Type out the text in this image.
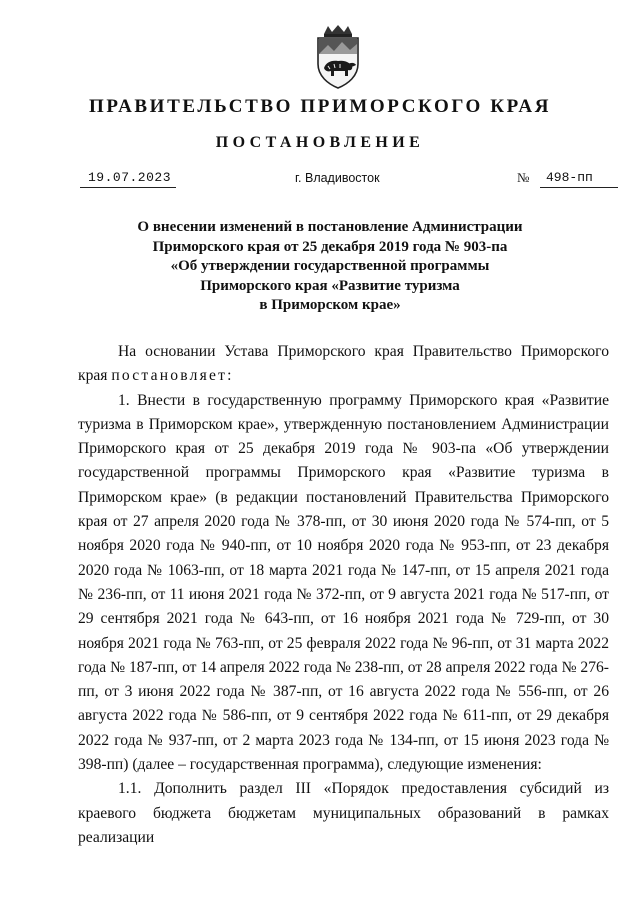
ПРАВИТЕЛЬСТВО ПРИМОРСКОГО КРАЯ
ПОСТАНОВЛЕНИЕ
19.07.2023	г. Владивосток	№ 498-пп
О внесении изменений в постановление Администрации
Приморского края от 25 декабря 2019 года № 903-па
«Об утверждении государственной программы
Приморского края «Развитие туризма
в Приморском крае»

На основании Устава Приморского края Правительство Приморского края постановляет:

1. Внести в государственную программу Приморского края «Развитие туризма в Приморском крае», утвержденную постановлением Администрации Приморского края от 25 декабря 2019 года № 903-па «Об утверждении государственной программы Приморского края «Развитие туризма в Приморском крае» (в редакции постановлений Правительства Приморского края от 27 апреля 2020 года № 378-пп, от 30 июня 2020 года № 574-пп, от 5 ноября 2020 года № 940-пп, от 10 ноября 2020 года № 953-пп, от 23 декабря 2020 года № 1063-пп, от 18 марта 2021 года № 147-пп, от 15 апреля 2021 года № 236-пп, от 11 июня 2021 года № 372-пп, от 9 августа 2021 года № 517-пп, от 29 сентября 2021 года № 643-пп, от 16 ноября 2021 года № 729-пп, от 30 ноября 2021 года № 763-пп, от 25 февраля 2022 года № 96-пп, от 31 марта 2022 года № 187-пп, от 14 апреля 2022 года № 238-пп, от 28 апреля 2022 года № 276-пп, от 3 июня 2022 года № 387-пп, от 16 августа 2022 года № 556-пп, от 26 августа 2022 года № 586-пп, от 9 сентября 2022 года № 611-пп, от 29 декабря 2022 года № 937-пп, от 2 марта 2023 года № 134-пп, от 15 июня 2023 года № 398-пп) (далее – государственная программа), следующие изменения:

1.1. Дополнить раздел III «Порядок предоставления субсидий из краевого бюджета бюджетам муниципальных образований в рамках реализации
